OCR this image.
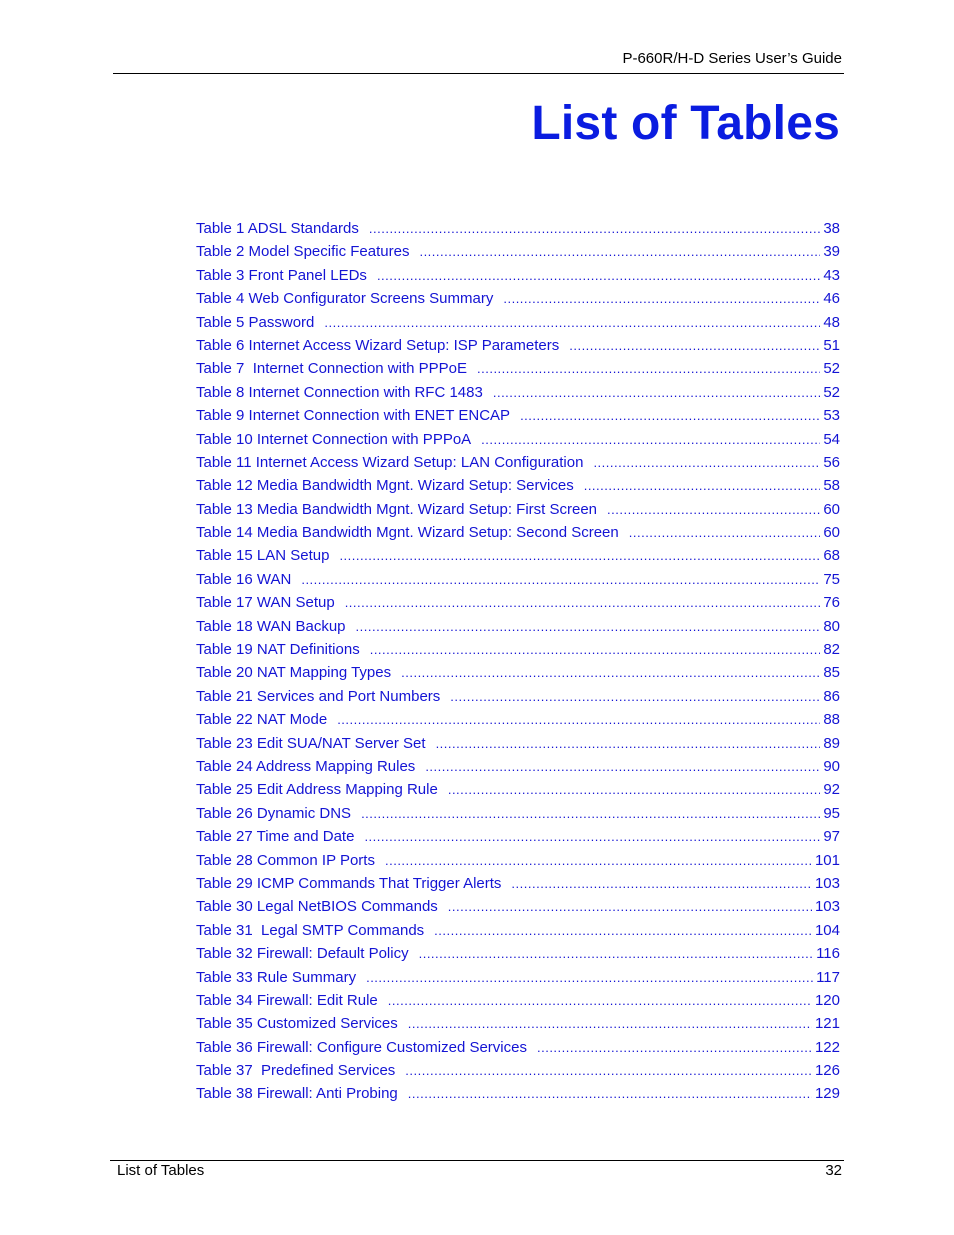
P-660R/H-D Series User’s Guide
List of Tables
Table 1 ADSL Standards .....	38
Table 2 Model Specific Features .....	39
Table 3 Front Panel LEDs .....	43
Table 4 Web Configurator Screens Summary .....	46
Table 5 Password .....	48
Table 6 Internet Access Wizard Setup: ISP Parameters .....	51
Table 7  Internet Connection with PPPoE .....	52
Table 8 Internet Connection with RFC 1483 .....	52
Table 9 Internet Connection with ENET ENCAP .....	53
Table 10 Internet Connection with PPPoA .....	54
Table 11 Internet Access Wizard Setup: LAN Configuration .....	56
Table 12 Media Bandwidth Mgnt. Wizard Setup: Services .....	58
Table 13 Media Bandwidth Mgnt. Wizard Setup: First Screen .....	60
Table 14 Media Bandwidth Mgnt. Wizard Setup: Second Screen .....	60
Table 15 LAN Setup .....	68
Table 16 WAN .....	75
Table 17 WAN Setup .....	76
Table 18 WAN Backup .....	80
Table 19 NAT Definitions .....	82
Table 20 NAT Mapping Types .....	85
Table 21 Services and Port Numbers .....	86
Table 22 NAT Mode .....	88
Table 23 Edit SUA/NAT Server Set .....	89
Table 24 Address Mapping Rules .....	90
Table 25 Edit Address Mapping Rule .....	92
Table 26 Dynamic DNS .....	95
Table 27 Time and Date .....	97
Table 28 Common IP Ports .....	101
Table 29 ICMP Commands That Trigger Alerts .....	103
Table 30 Legal NetBIOS Commands .....	103
Table 31  Legal SMTP Commands .....	104
Table 32 Firewall: Default Policy .....	116
Table 33 Rule Summary .....	117
Table 34 Firewall: Edit Rule .....	120
Table 35 Customized Services .....	121
Table 36 Firewall: Configure Customized Services .....	122
Table 37  Predefined Services .....	126
Table 38 Firewall: Anti Probing .....	129
List of Tables	32
